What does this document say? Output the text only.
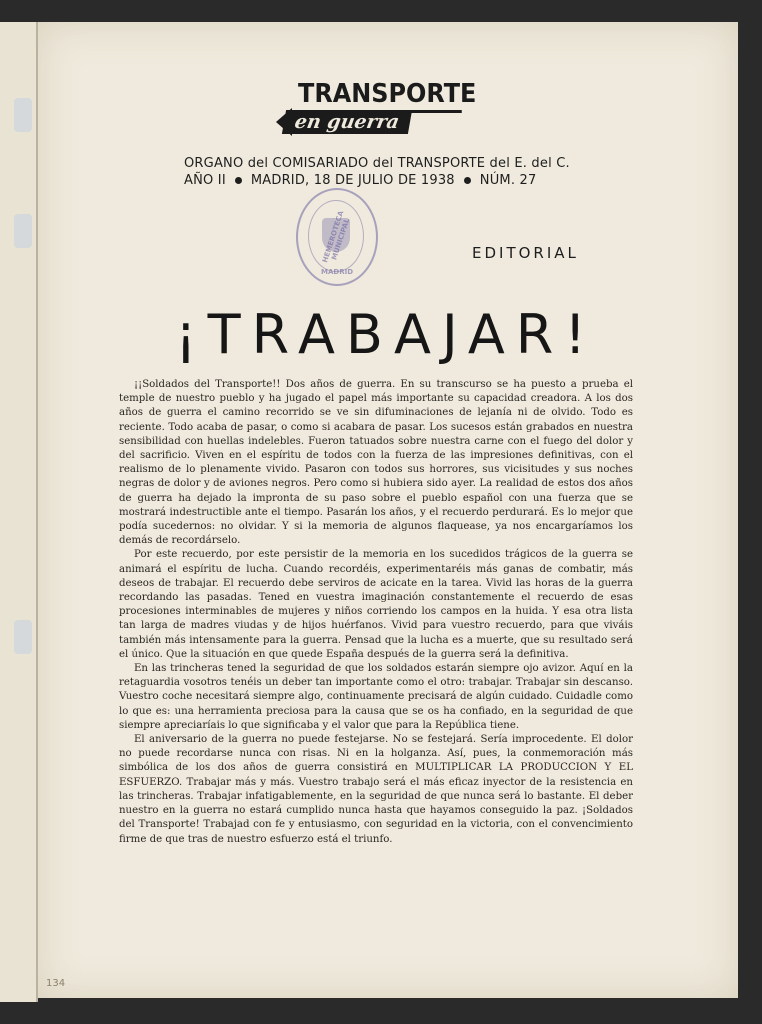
TRANSPORTE
en guerra
ORGANO del COMISARIADO del TRANSPORTE del E. del C.
AÑO II MADRID, 18 DE JULIO DE 1938 NÚM. 27
HEMEROTECA MUNICIPAL
MADRID
EDITORIAL
¡TRABAJAR!

¡¡Soldados del Transporte!! Dos años de guerra. En su transcurso se ha puesto a prueba el temple de nuestro pueblo y ha jugado el papel más importante su capacidad creadora. A los dos años de guerra el camino recorrido se ve sin difuminaciones de lejanía ni de olvido. Todo es reciente. Todo acaba de pasar, o como si acabara de pasar. Los sucesos están grabados en nuestra sensibilidad con huellas indelebles. Fueron tatuados sobre nuestra carne con el fuego del dolor y del sacrificio. Viven en el espíritu de todos con la fuerza de las impresiones definitivas, con el realismo de lo plenamente vivido. Pasaron con todos sus horrores, sus vicisitudes y sus noches negras de dolor y de aviones negros. Pero como si hubiera sido ayer. La realidad de estos dos años de guerra ha dejado la impronta de su paso sobre el pueblo español con una fuerza que se mostrará indestructible ante el tiempo. Pasarán los años, y el recuerdo perdurará. Es lo mejor que podía sucedernos: no olvidar. Y si la memoria de algunos flaquease, ya nos encargaríamos los demás de recordárselo.

Por este recuerdo, por este persistir de la memoria en los sucedidos trágicos de la guerra se animará el espíritu de lucha. Cuando recordéis, experimentaréis más ganas de combatir, más deseos de trabajar. El recuerdo debe serviros de acicate en la tarea. Vivid las horas de la guerra recordando las pasadas. Tened en vuestra imaginación constantemente el recuerdo de esas procesiones interminables de mujeres y niños corriendo los campos en la huida. Y esa otra lista tan larga de madres viudas y de hijos huérfanos. Vivid para vuestro recuerdo, para que viváis también más intensamente para la guerra. Pensad que la lucha es a muerte, que su resultado será el único. Que la situación en que quede España después de la guerra será la definitiva.

En las trincheras tened la seguridad de que los soldados estarán siempre ojo avizor. Aquí en la retaguardia vosotros tenéis un deber tan importante como el otro: trabajar. Trabajar sin descanso. Vuestro coche necesitará siempre algo, continuamente precisará de algún cuidado. Cuidadle como lo que es: una herramienta preciosa para la causa que se os ha confiado, en la seguridad de que siempre apreciaríais lo que significaba y el valor que para la República tiene.

El aniversario de la guerra no puede festejarse. No se festejará. Sería improcedente. El dolor no puede recordarse nunca con risas. Ni en la holganza. Así, pues, la conmemoración más simbólica de los dos años de guerra consistirá en MULTIPLICAR LA PRODUCCION Y EL ESFUERZO. Trabajar más y más. Vuestro trabajo será el más eficaz inyector de la resistencia en las trincheras. Trabajar infatigablemente, en la seguridad de que nunca será lo bastante. El deber nuestro en la guerra no estará cumplido nunca hasta que hayamos conseguido la paz. ¡Soldados del Transporte! Trabajad con fe y entusiasmo, con seguridad en la victoria, con el convencimiento firme de que tras de nuestro esfuerzo está el triunfo.

134
